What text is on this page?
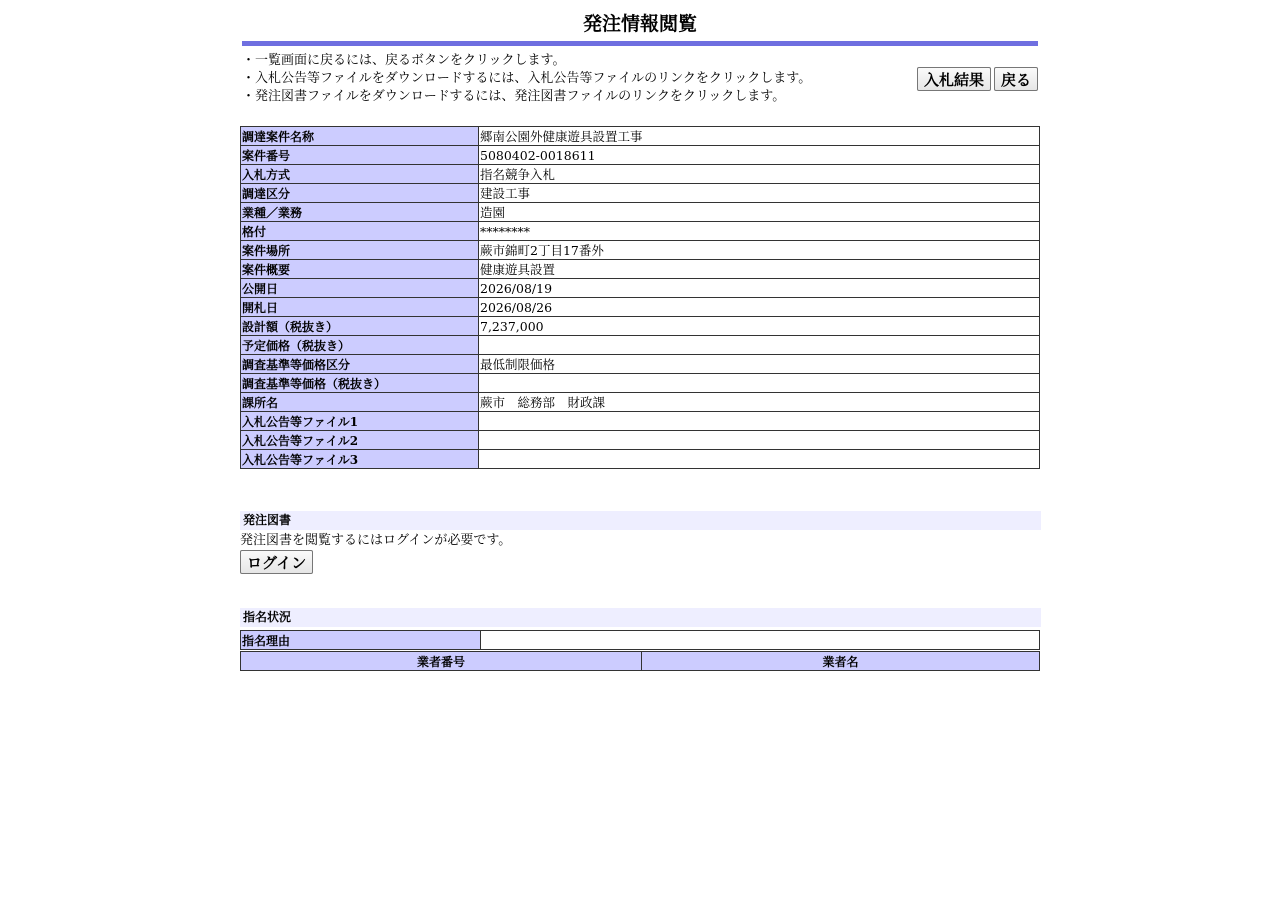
発注情報閲覧
・一覧画面に戻るには、戻るボタンをクリックします。
・入札公告等ファイルをダウンロードするには、入札公告等ファイルのリンクをクリックします。
・発注図書ファイルをダウンロードするには、発注図書ファイルのリンクをクリックします。
入札結果	戻る
調達案件名称	郷南公園外健康遊具設置工事
案件番号	5080402-0018611
入札方式	指名競争入札
調達区分	建設工事
業種／業務	造園
格付	********
案件場所	蕨市錦町2丁目17番外
案件概要	健康遊具設置
公開日	2026/08/19
開札日	2026/08/26
設計額（税抜き）	7,237,000
予定価格（税抜き）	
調査基準等価格区分	最低制限価格
調査基準等価格（税抜き）	
課所名	蕨市　総務部　財政課
入札公告等ファイル1	
入札公告等ファイル2	
入札公告等ファイル3	
発注図書
発注図書を閲覧するにはログインが必要です。
ログイン
指名状況
指名理由	
業者番号	業者名
